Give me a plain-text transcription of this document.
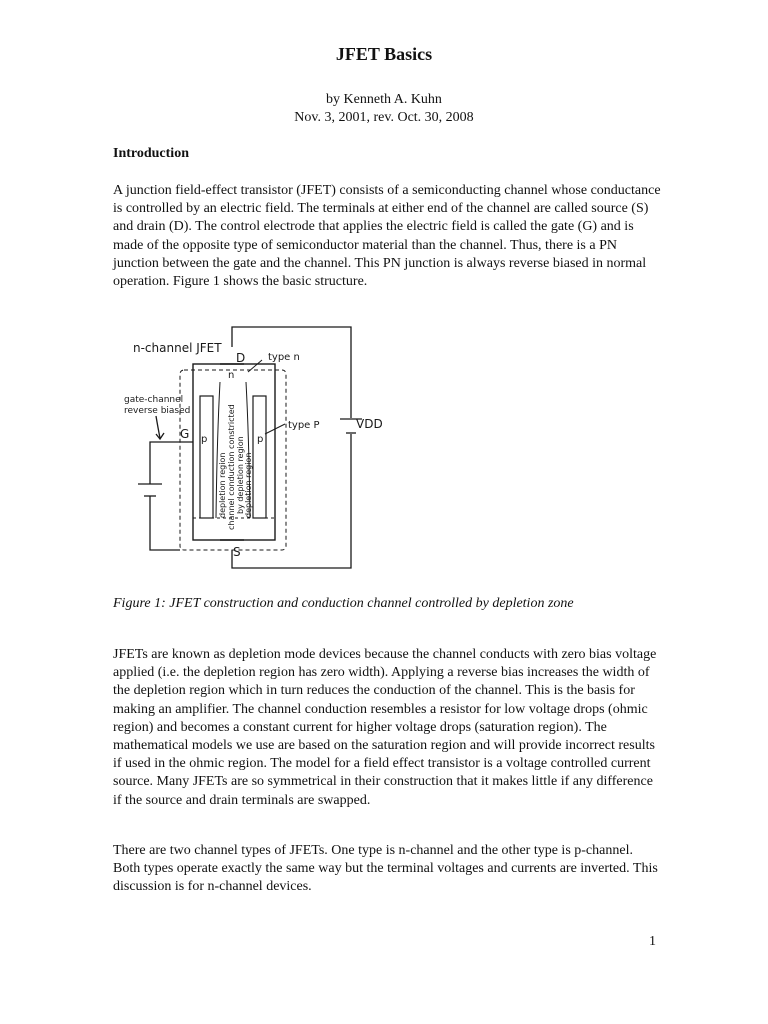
JFET Basics
by Kenneth A. Kuhn
Nov. 3, 2001, rev. Oct. 30, 2008
Introduction

A junction field-effect transistor (JFET) consists of a semiconducting channel whose conductance is controlled by an electric field. The terminals at either end of the channel are called source (S) and drain (D). The control electrode that applies the electric field is called the gate (G) and is made of the opposite type of semiconductor material than the channel. Thus, there is a PN junction between the gate and the channel. This PN junction is always reverse biased in normal operation. Figure 1 shows the basic structure.

n-channel JFET
D type n
n
gate-channel
reverse biased
G p	p
type P	VDD
S
depletion region channel conduction constricted by depletion region depletion region
Figure 1: JFET construction and conduction channel controlled by depletion zone

JFETs are known as depletion mode devices because the channel conducts with zero bias voltage applied (i.e. the depletion region has zero width). Applying a reverse bias increases the width of the depletion region which in turn reduces the conduction of the channel. This is the basis for making an amplifier. The channel conduction resembles a resistor for low voltage drops (ohmic region) and becomes a constant current for higher voltage drops (saturation region). The mathematical models we use are based on the saturation region and will provide incorrect results if used in the ohmic region. The model for a field effect transistor is a voltage controlled current source. Many JFETs are so symmetrical in their construction that it makes little if any difference if the source and drain terminals are swapped.

There are two channel types of JFETs. One type is n-channel and the other type is p-channel. Both types operate exactly the same way but the terminal voltages and currents are inverted. This discussion is for n-channel devices.

1
